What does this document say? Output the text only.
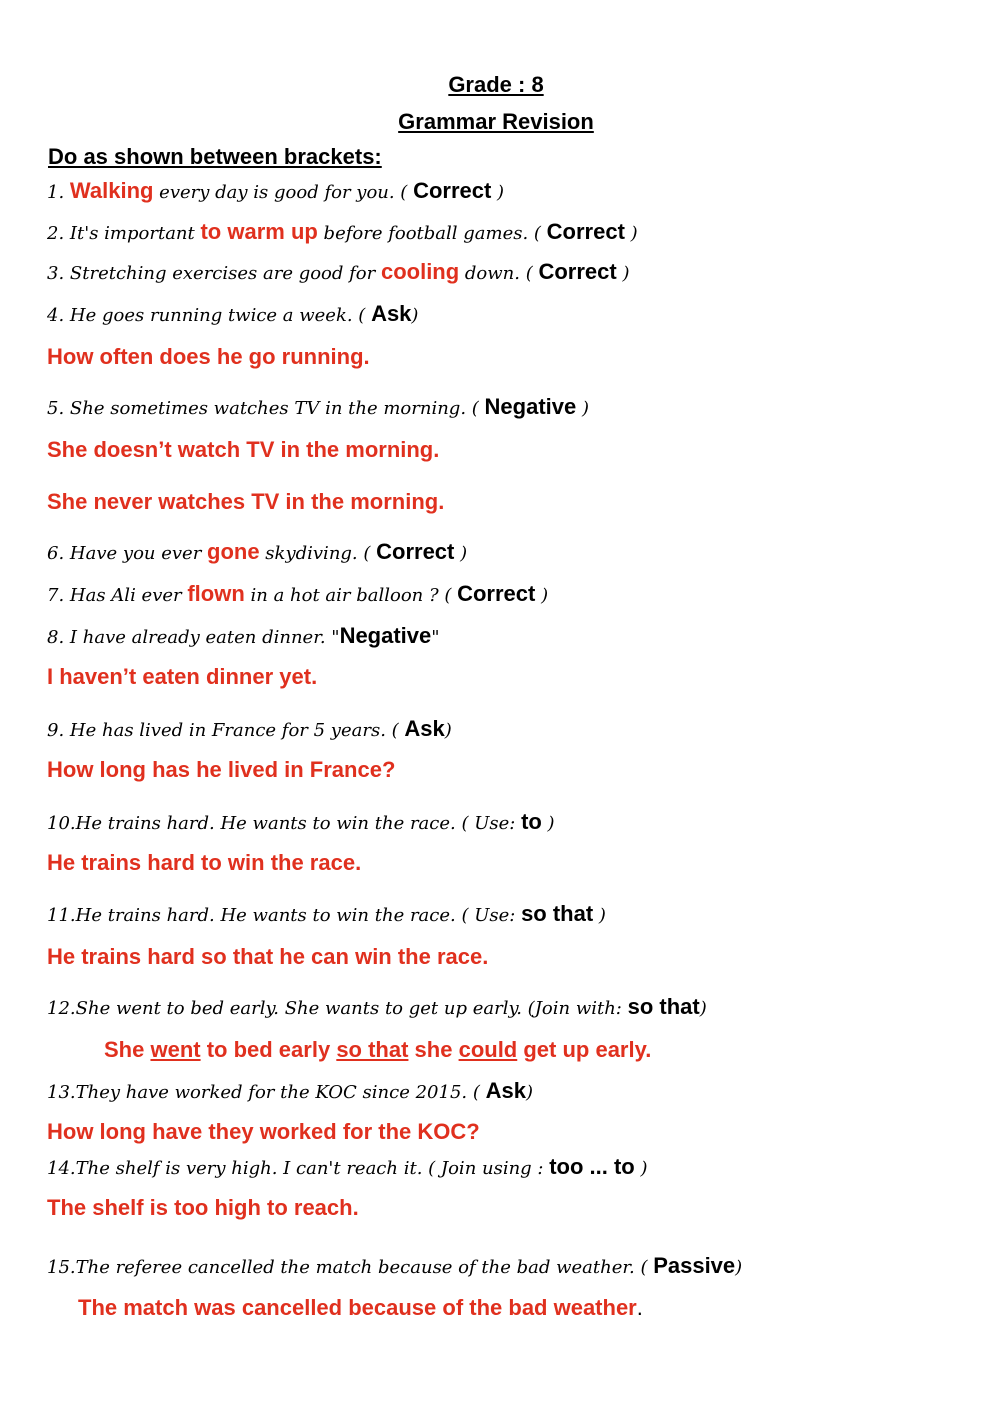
Grade : 8
Grammar Revision
Do as shown between brackets:
1. Walking every day is good for you. ( Correct )
2. It's important to warm up before football games. ( Correct )
3. Stretching exercises are good for cooling down. ( Correct )
4. He goes running twice a week. ( Ask)
How often does he go running.
5. She sometimes watches TV in the morning. ( Negative )
She doesn’t watch TV in the morning.
She never watches TV in the morning.
6. Have you ever gone skydiving. ( Correct )
7. Has Ali ever flown in a hot air balloon ? ( Correct )
8. I have already eaten dinner. "Negative"
I haven’t eaten dinner yet.
9. He has lived in France for 5 years. ( Ask)
How long has he lived in France?
10.He trains hard. He wants to win the race. ( Use: to )
He trains hard to win the race.
11.He trains hard. He wants to win the race. ( Use: so that )
He trains hard so that he can win the race.
12.She went to bed early. She wants to get up early. (Join with: so that)
She went to bed early so that she could get up early.
13.They have worked for the KOC since 2015. ( Ask)
How long have they worked for the KOC?
14.The shelf is very high. I can't reach it. ( Join using : too ... to )
The shelf is too high to reach.
15.The referee cancelled the match because of the bad weather. ( Passive)
The match was cancelled because of the bad weather.
